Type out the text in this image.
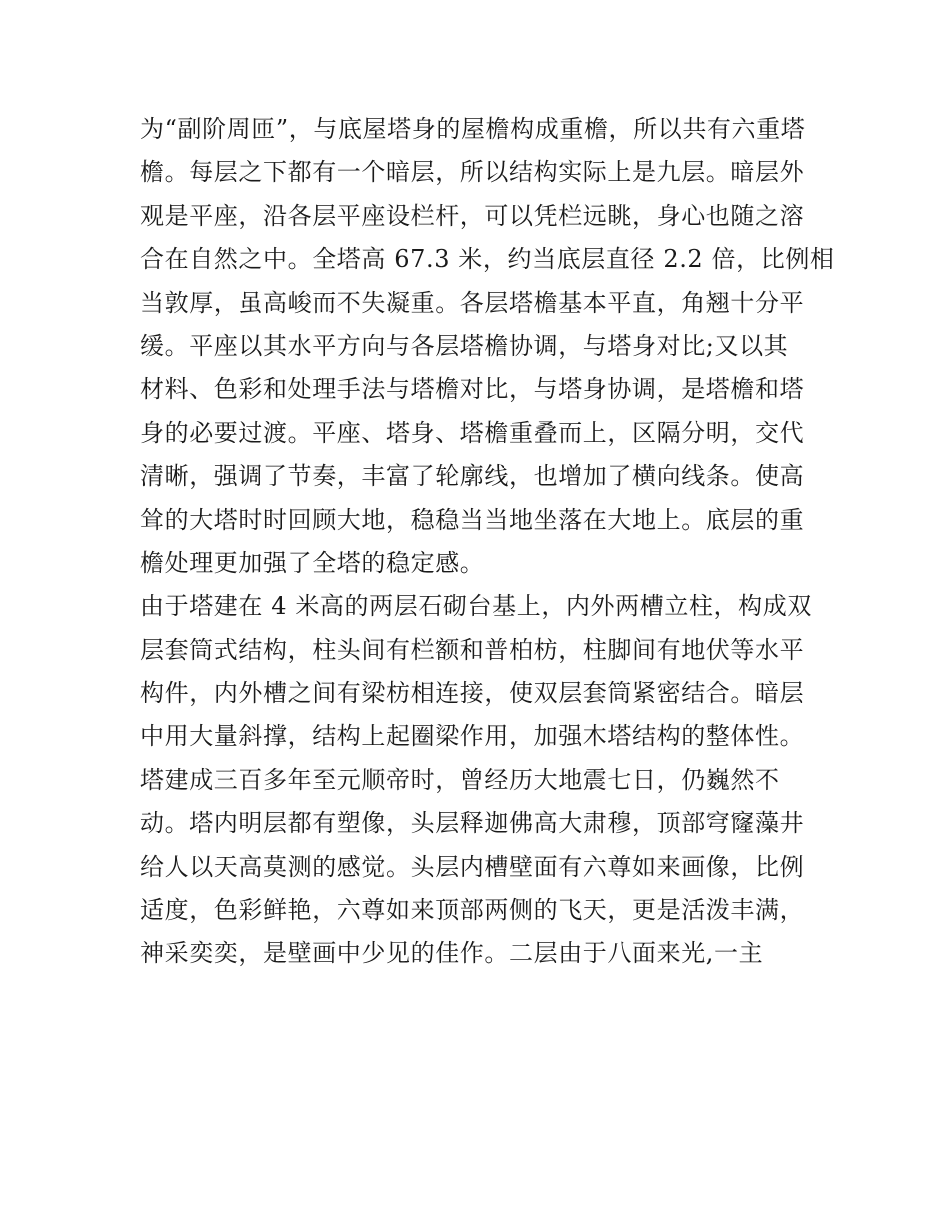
为“副阶周匝”，与底屋塔身的屋檐构成重檐，所以共有六重塔
檐。每层之下都有一个暗层，所以结构实际上是九层。暗层外
观是平座，沿各层平座设栏杆，可以凭栏远眺，身心也随之溶
合在自然之中。全塔高 67.3 米，约当底层直径 2.2 倍，比例相
当敦厚，虽高峻而不失凝重。各层塔檐基本平直，角翘十分平
缓。平座以其水平方向与各层塔檐协调，与塔身对比;又以其
材料、色彩和处理手法与塔檐对比，与塔身协调，是塔檐和塔
身的必要过渡。平座、塔身、塔檐重叠而上，区隔分明，交代
清晰，强调了节奏，丰富了轮廓线，也增加了横向线条。使高
耸的大塔时时回顾大地，稳稳当当地坐落在大地上。底层的重
檐处理更加强了全塔的稳定感。
由于塔建在 4 米高的两层石砌台基上，内外两槽立柱，构成双
层套筒式结构，柱头间有栏额和普柏枋，柱脚间有地伏等水平
构件，内外槽之间有梁枋相连接，使双层套筒紧密结合。暗层
中用大量斜撑，结构上起圈梁作用，加强木塔结构的整体性。
塔建成三百多年至元顺帝时，曾经历大地震七日，仍巍然不
动。塔内明层都有塑像，头层释迦佛高大肃穆，顶部穹窿藻井
给人以天高莫测的感觉。头层内槽壁面有六尊如来画像，比例
适度，色彩鲜艳，六尊如来顶部两侧的飞天，更是活泼丰满，
神采奕奕，是壁画中少见的佳作。二层由于八面来光,一主
